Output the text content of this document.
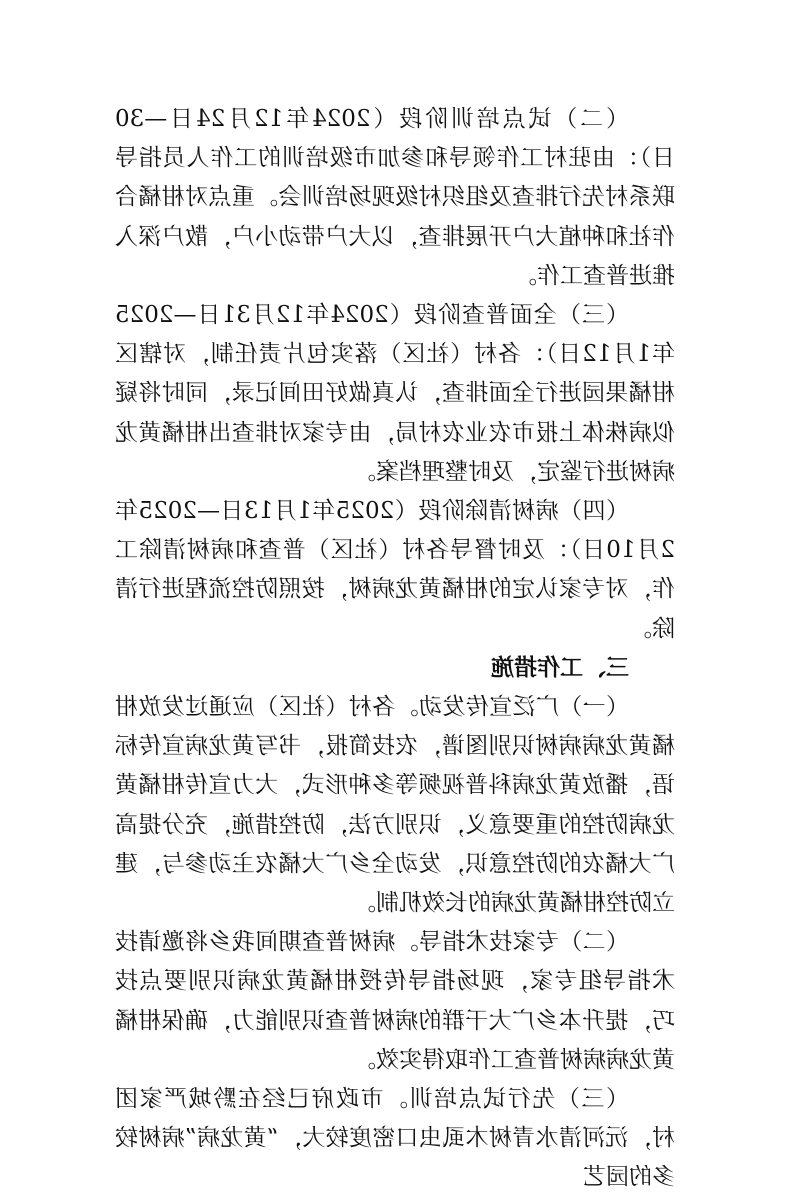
（二）试点培训阶段（2024年12月24日—30日）：由驻村工作领导和参加市级培训的工作人员指导联系村先行排查及组织村级现场培训会。重点对柑橘合作社和种植大户开展排查，以大户带动小户，散户深入推进普查工作。

（三）全面普查阶段（2024年12月31日—2025年1月12日）：各村（社区）落实包片责任制，对辖区柑橘果园进行全面排查，认真做好田间记录，同时将疑似病株体上报市农业农村局，由专家对排查出柑橘黄龙病树进行鉴定，及时整理档案。

（四）病树清除阶段（2025年1月13日—2025年2月10日）：及时督导各村（社区）普查和病树清除工作，对专家认定的柑橘黄龙病树，按照防控流程进行清除。

三、工作措施

（一）广泛宣传发动。各村（社区）应通过发放柑橘黄龙病病树识别图谱，农技简报，书写黄龙病宣传标语，播放黄龙病科普视频等多种形式，大力宣传柑橘黄龙病防控的重要意义，识别方法，防控措施，充分提高广大橘农的防控意识，发动全乡广大橘农主动参与，建立防控柑橘黄龙病的长效机制。

（二）专家技术指导。病树普查期间我乡将邀请技术指导组专家，现场指导传授柑橘黄龙病识别要点技巧，提升本乡广大干群的病树普查识别能力，确保柑橘黄龙病病树普查工作取得实效。

（三）先行试点培训。市政府已经在黔城严家团村，沅河清水青树木虱虫口密度较大，“黄龙病”病树较多的园艺
